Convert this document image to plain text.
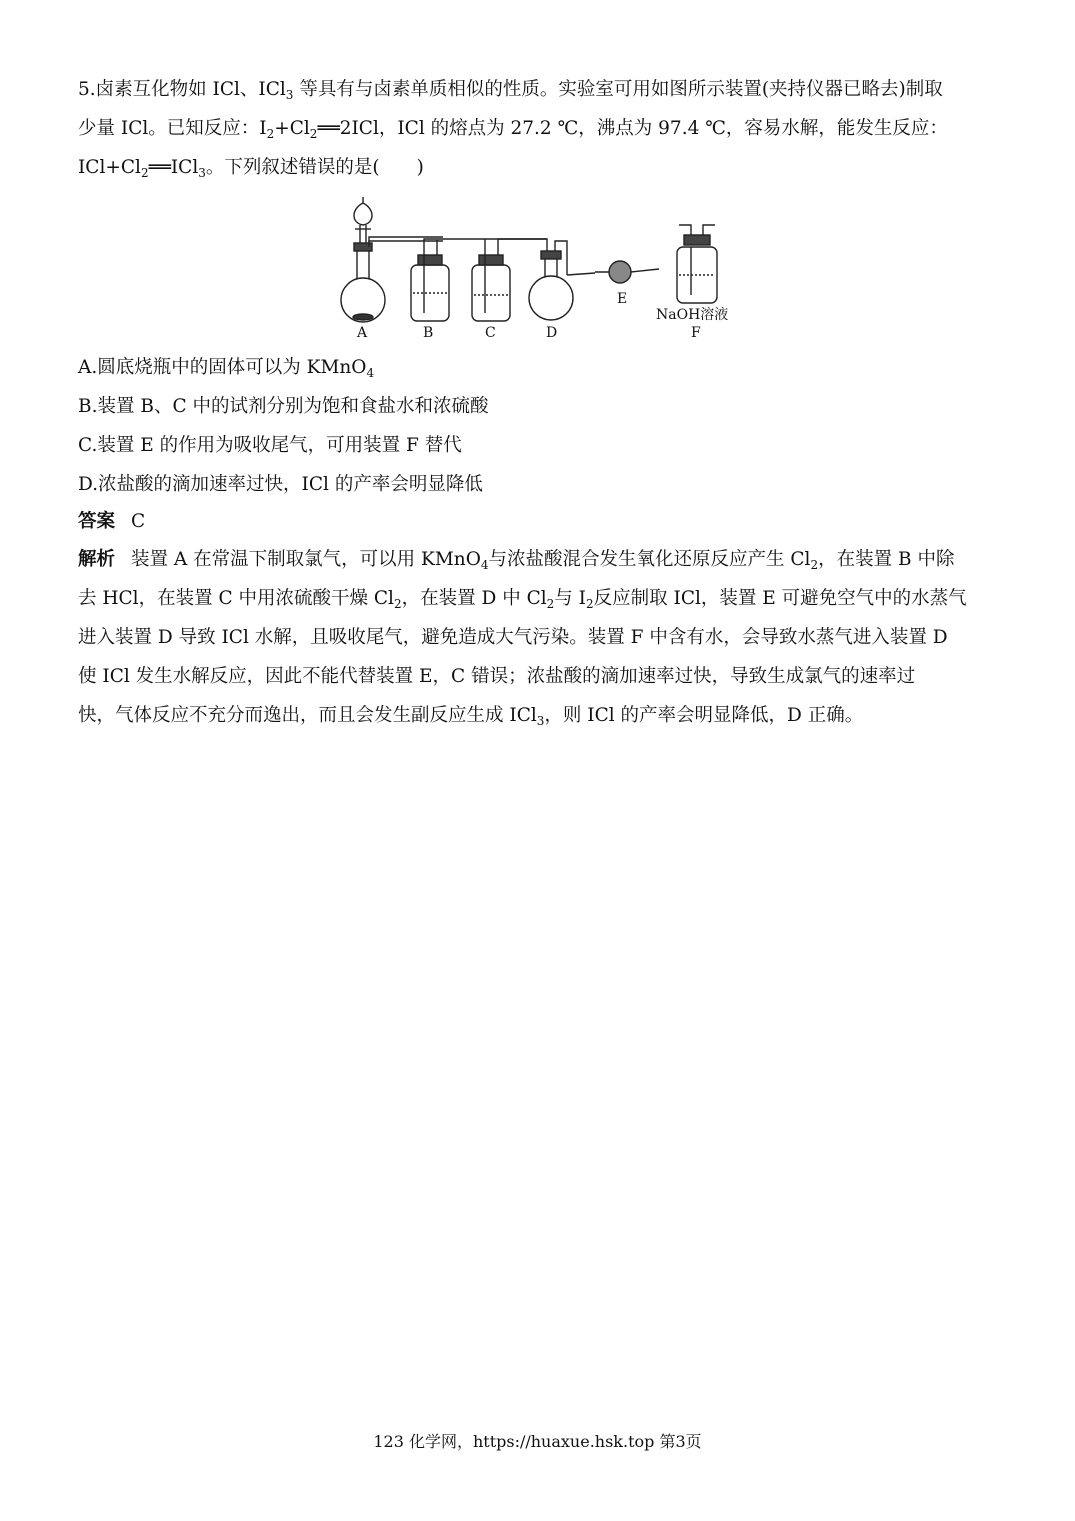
5.卤素互化物如 ICl、ICl$_3$ 等具有与卤素单质相似的性质。实验室可用如图所示装置(夹持仪器已略去)制取
少量 ICl。已知反应：$I_2+Cl_2══2ICl$，ICl 的熔点为 27.2 ℃，沸点为 97.4 ℃，容易水解，能发生反应：
$ICl+Cl_2══ICl_3$。下列叙述错误的是(　　)
A	B	C	D
E
NaOH溶液
F
A.圆底烧瓶中的固体可以为 KMnO$_4$
B.装置 B、C 中的试剂分别为饱和食盐水和浓硫酸
C.装置 E 的作用为吸收尾气，可用装置 F 替代
D.浓盐酸的滴加速率过快，ICl 的产率会明显降低
答案 C
解析 装置 A 在常温下制取氯气，可以用 KMnO$_4$与浓盐酸混合发生氧化还原反应产生 $Cl_2$，在装置 B 中除
去 HCl，在装置 C 中用浓硫酸干燥 $Cl_2$，在装置 D 中 $Cl_2$与 $I_2$反应制取 ICl，装置 E 可避免空气中的水蒸气
进入装置 D 导致 ICl 水解，且吸收尾气，避免造成大气污染。装置 F 中含有水，会导致水蒸气进入装置 D
使 ICl 发生水解反应，因此不能代替装置 E，C 错误；浓盐酸的滴加速率过快，导致生成氯气的速率过
快，气体反应不充分而逸出，而且会发生副反应生成 ICl$_3$，则 ICl 的产率会明显降低，D 正确。
123 化学网，https://huaxue.hsk.top 第3页
